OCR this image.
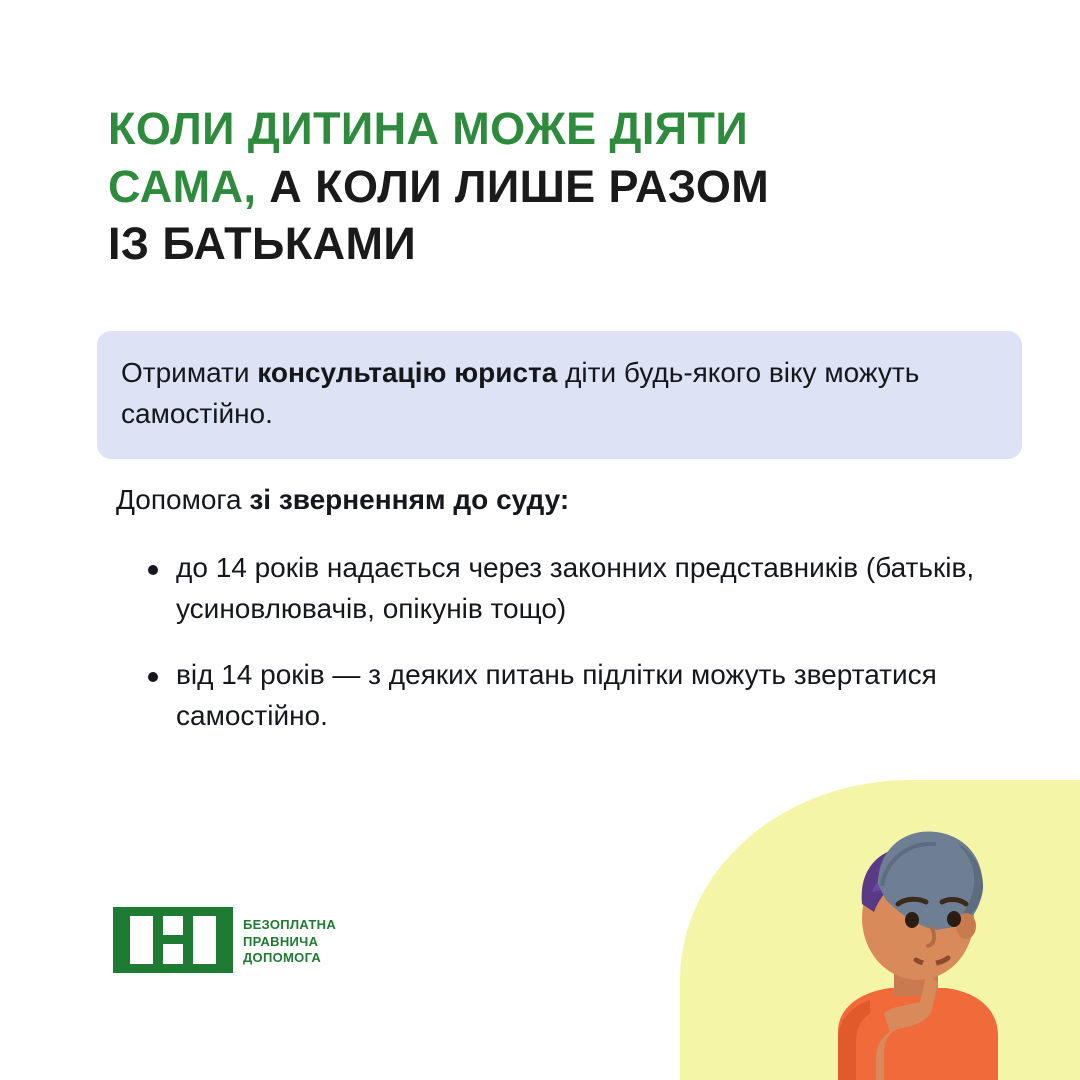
КОЛИ ДИТИНА МОЖЕ ДІЯТИ
САМА, А КОЛИ ЛИШЕ РАЗОМ
ІЗ БАТЬКАМИ
Отримати консультацію юриста діти будь-якого віку можуть самостійно.
Допомога зі зверненням до суду:
до 14 років надається через законних представників (батьків, усиновлювачів, опікунів тощо)
від 14 років — з деяких питань підлітки можуть звертатися самостійно.
БЕЗОПЛАТНА
ПРАВНИЧА
ДОПОМОГА
